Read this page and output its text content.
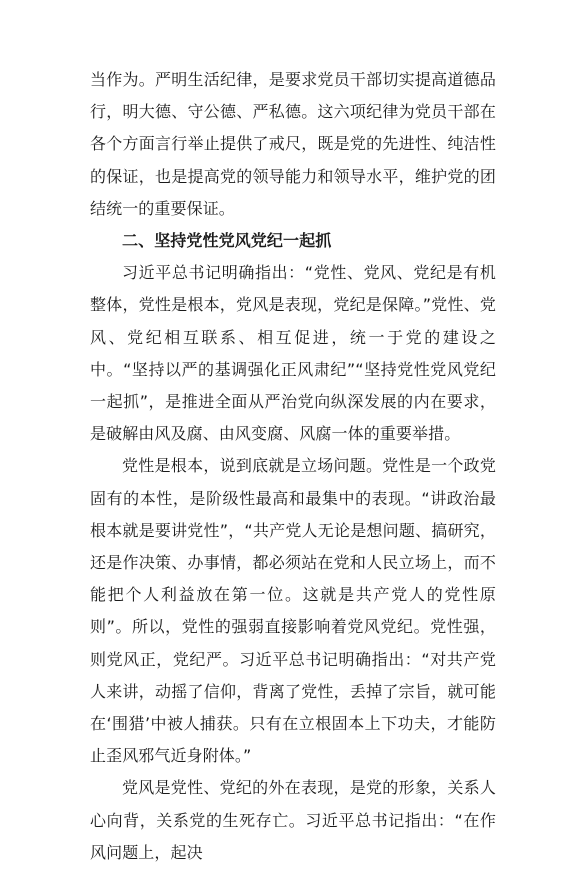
当作为。严明生活纪律，是要求党员干部切实提高道德品行，明大德、守公德、严私德。这六项纪律为党员干部在各个方面言行举止提供了戒尺，既是党的先进性、纯洁性的保证，也是提高党的领导能力和领导水平，维护党的团结统一的重要保证。

二、坚持党性党风党纪一起抓

习近平总书记明确指出：“党性、党风、党纪是有机整体，党性是根本，党风是表现，党纪是保障。”党性、党风、党纪相互联系、相互促进，统一于党的建设之中。“坚持以严的基调强化正风肃纪”“坚持党性党风党纪一起抓”，是推进全面从严治党向纵深发展的内在要求，是破解由风及腐、由风变腐、风腐一体的重要举措。

党性是根本，说到底就是立场问题。党性是一个政党固有的本性，是阶级性最高和最集中的表现。“讲政治最根本就是要讲党性”，“共产党人无论是想问题、搞研究，还是作决策、办事情，都必须站在党和人民立场上，而不能把个人利益放在第一位。这就是共产党人的党性原则”。所以，党性的强弱直接影响着党风党纪。党性强，则党风正，党纪严。习近平总书记明确指出：“对共产党人来讲，动摇了信仰，背离了党性，丢掉了宗旨，就可能在‘围猎’中被人捕获。只有在立根固本上下功夫，才能防止歪风邪气近身附体。”

党风是党性、党纪的外在表现，是党的形象，关系人心向背，关系党的生死存亡。习近平总书记指出：“在作风问题上，起决
